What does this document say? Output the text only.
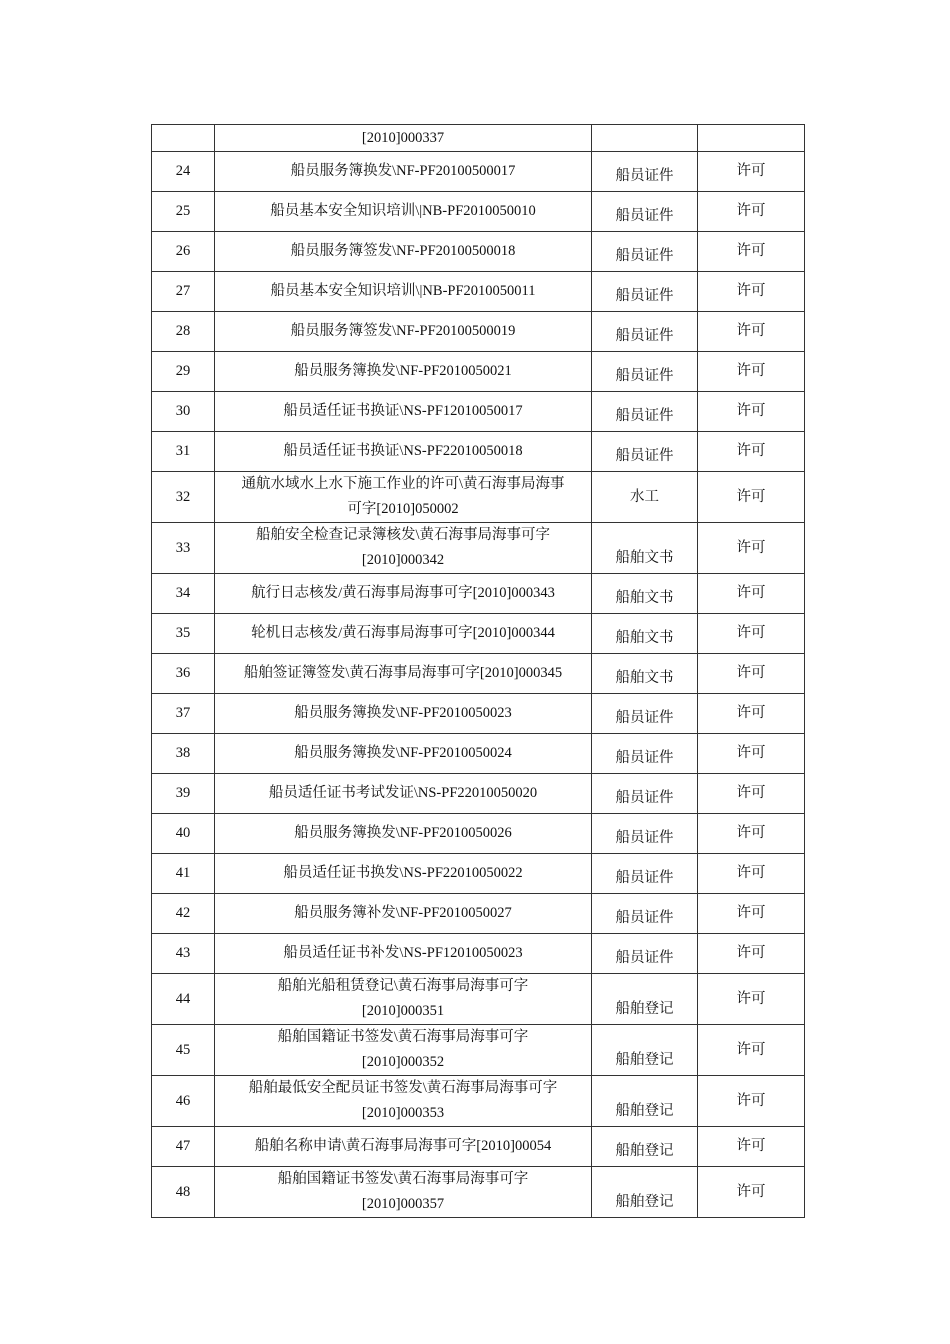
	[2010]000337		

24	船员服务簿换发\NF-PF20100500017	船员证件	许可
25	船员基本安全知识培训\|NB-PF2010050010	船员证件	许可
26	船员服务簿签发\NF-PF20100500018	船员证件	许可
27	船员基本安全知识培训\|NB-PF2010050011	船员证件	许可
28	船员服务簿签发\NF-PF20100500019	船员证件	许可
29	船员服务簿换发\NF-PF2010050021	船员证件	许可
30	船员适任证书换证\NS-PF12010050017	船员证件	许可
31	船员适任证书换证\NS-PF22010050018	船员证件	许可
32	通航水域水上水下施工作业的许可\黄石海事局海事
可字[2010]050002	水工	许可
33	船舶安全检查记录簿核发\黄石海事局海事可字
[2010]000342	船舶文书	许可
34	航行日志核发/黄石海事局海事可字[2010]000343	船舶文书	许可
35	轮机日志核发/黄石海事局海事可字[2010]000344	船舶文书	许可
36	船舶签证簿签发\黄石海事局海事可字[2010]000345	船舶文书	许可
37	船员服务簿换发\NF-PF2010050023	船员证件	许可
38	船员服务簿换发\NF-PF2010050024	船员证件	许可
39	船员适任证书考试发证\NS-PF22010050020	船员证件	许可
40	船员服务簿换发\NF-PF2010050026	船员证件	许可
41	船员适任证书换发\NS-PF22010050022	船员证件	许可
42	船员服务簿补发\NF-PF2010050027	船员证件	许可
43	船员适任证书补发\NS-PF12010050023	船员证件	许可
44	船舶光船租赁登记\黄石海事局海事可字
[2010]000351	船舶登记	许可
45	船舶国籍证书签发\黄石海事局海事可字
[2010]000352	船舶登记	许可
46	船舶最低安全配员证书签发\黄石海事局海事可字
[2010]000353	船舶登记	许可
47	船舶名称申请\黄石海事局海事可字[2010]00054	船舶登记	许可
48	船舶国籍证书签发\黄石海事局海事可字
[2010]000357	船舶登记	许可
